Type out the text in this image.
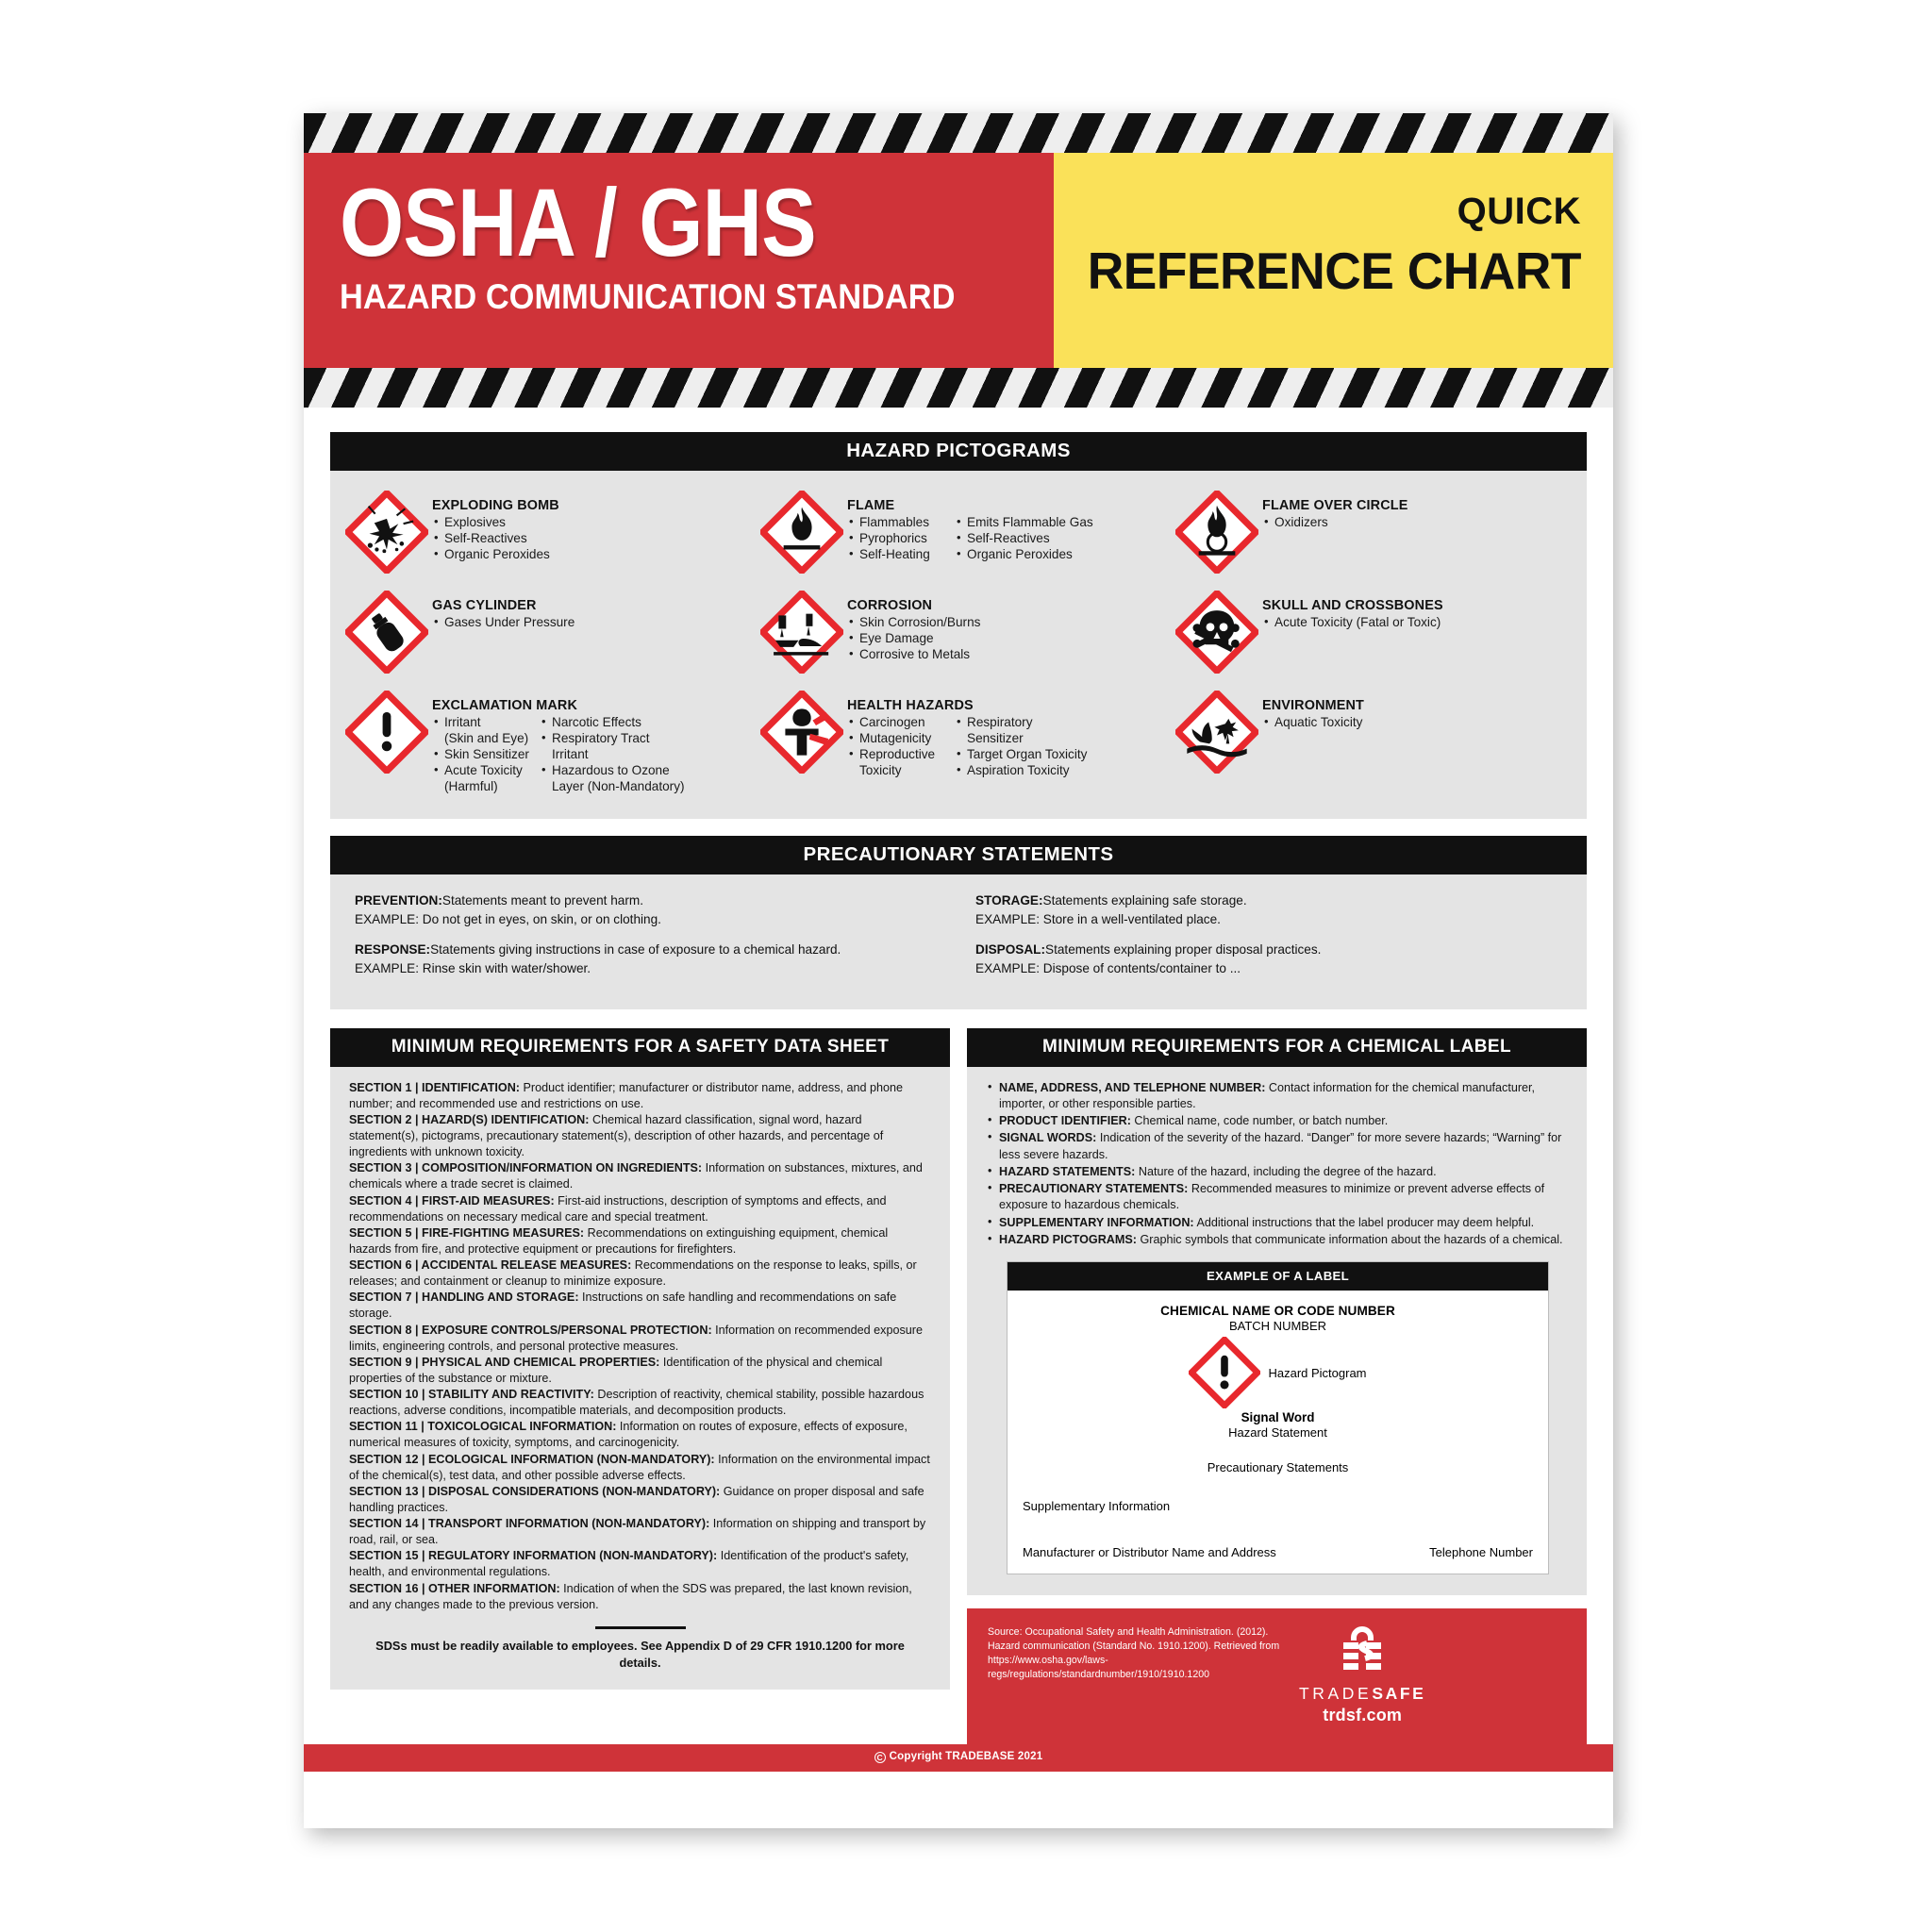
OSHA / GHS
HAZARD COMMUNICATION STANDARD
QUICK
REFERENCE CHART
HAZARD PICTOGRAMS
EXPLODING BOMB
• Explosives
• Self-Reactives
• Organic Peroxides
FLAME
• Flammables
• Pyrophorics
• Self-Heating
• Emits Flammable Gas
• Self-Reactives
• Organic Peroxides
FLAME OVER CIRCLE
• Oxidizers
GAS CYLINDER
• Gases Under Pressure
CORROSION
• Skin Corrosion/Burns
• Eye Damage
• Corrosive to Metals
SKULL AND CROSSBONES
• Acute Toxicity (Fatal or Toxic)
EXCLAMATION MARK
• Irritant
(Skin and Eye)
• Skin Sensitizer
• Acute Toxicity
(Harmful)
• Narcotic Effects
• Respiratory Tract
Irritant
• Hazardous to Ozone
Layer (Non-Mandatory)
HEALTH HAZARDS
• Carcinogen
• Mutagenicity
• Reproductive
Toxicity
• Respiratory
Sensitizer
• Target Organ Toxicity
• Aspiration Toxicity
ENVIRONMENT
• Aquatic Toxicity
PRECAUTIONARY STATEMENTS
PREVENTION:Statements meant to prevent harm.
EXAMPLE: Do not get in eyes, on skin, or on clothing.
RESPONSE:Statements giving instructions in case of exposure to a chemical hazard.
EXAMPLE: Rinse skin with water/shower.
STORAGE:Statements explaining safe storage.
EXAMPLE: Store in a well-ventilated place.
DISPOSAL:Statements explaining proper disposal practices.
EXAMPLE: Dispose of contents/container to ...
MINIMUM REQUIREMENTS FOR A SAFETY DATA SHEET
SECTION 1 | IDENTIFICATION: Product identifier; manufacturer or distributor name, address, and phone number; and recommended use and restrictions on use.
SECTION 2 | HAZARD(S) IDENTIFICATION: Chemical hazard classification, signal word, hazard statement(s), pictograms, precautionary statement(s), description of other hazards, and percentage of ingredients with unknown toxicity.
SECTION 3 | COMPOSITION/INFORMATION ON INGREDIENTS: Information on substances, mixtures, and chemicals where a trade secret is claimed.
SECTION 4 | FIRST-AID MEASURES: First-aid instructions, description of symptoms and effects, and recommendations on necessary medical care and special treatment.
SECTION 5 | FIRE-FIGHTING MEASURES: Recommendations on extinguishing equipment, chemical hazards from fire, and protective equipment or precautions for firefighters.
SECTION 6 | ACCIDENTAL RELEASE MEASURES: Recommendations on the response to leaks, spills, or releases; and containment or cleanup to minimize exposure.
SECTION 7 | HANDLING AND STORAGE: Instructions on safe handling and recommendations on safe storage.
SECTION 8 | EXPOSURE CONTROLS/PERSONAL PROTECTION: Information on recommended exposure limits, engineering controls, and personal protective measures.
SECTION 9 | PHYSICAL AND CHEMICAL PROPERTIES: Identification of the physical and chemical properties of the substance or mixture.
SECTION 10 | STABILITY AND REACTIVITY: Description of reactivity, chemical stability, possible hazardous reactions, adverse conditions, incompatible materials, and decomposition products.
SECTION 11 | TOXICOLOGICAL INFORMATION: Information on routes of exposure, effects of exposure, numerical measures of toxicity, symptoms, and carcinogenicity.
SECTION 12 | ECOLOGICAL INFORMATION (NON-MANDATORY): Information on the environmental impact of the chemical(s), test data, and other possible adverse effects.
SECTION 13 | DISPOSAL CONSIDERATIONS (NON-MANDATORY): Guidance on proper disposal and safe handling practices.
SECTION 14 | TRANSPORT INFORMATION (NON-MANDATORY): Information on shipping and transport by road, rail, or sea.
SECTION 15 | REGULATORY INFORMATION (NON-MANDATORY): Identification of the product's safety, health, and environmental regulations.
SECTION 16 | OTHER INFORMATION: Indication of when the SDS was prepared, the last known revision, and any changes made to the previous version.
SDSs must be readily available to employees. See Appendix D of 29 CFR 1910.1200 for more details.
MINIMUM REQUIREMENTS FOR A CHEMICAL LABEL
• NAME, ADDRESS, AND TELEPHONE NUMBER: Contact information for the chemical manufacturer, importer, or other responsible parties.
• PRODUCT IDENTIFIER: Chemical name, code number, or batch number.
• SIGNAL WORDS: Indication of the severity of the hazard. “Danger” for more severe hazards; “Warning” for less severe hazards.
• HAZARD STATEMENTS: Nature of the hazard, including the degree of the hazard.
• PRECAUTIONARY STATEMENTS: Recommended measures to minimize or prevent adverse effects of exposure to hazardous chemicals.
• SUPPLEMENTARY INFORMATION: Additional instructions that the label producer may deem helpful.
• HAZARD PICTOGRAMS: Graphic symbols that communicate information about the hazards of a chemical.
EXAMPLE OF A LABEL
CHEMICAL NAME OR CODE NUMBER
BATCH NUMBER
Hazard Pictogram
Signal Word
Hazard Statement
Precautionary Statements
Supplementary Information
Manufacturer or Distributor Name and Address	Telephone Number
Source: Occupational Safety and Health Administration. (2012). Hazard communication (Standard No. 1910.1200). Retrieved from https://www.osha.gov/laws-regs/regulations/standardnumber/1910/1910.1200
TRADESAFE
trdsf.com
C Copyright TRADEBASE 2021
